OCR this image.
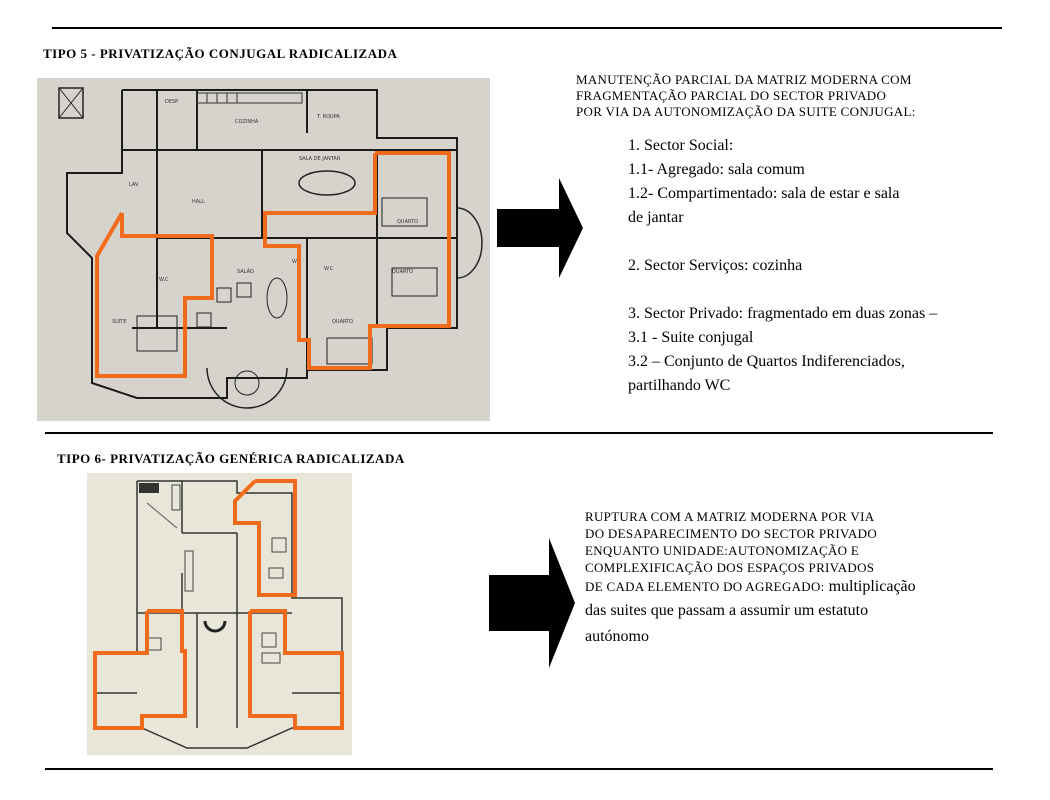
TIPO 5 - PRIVATIZAÇÃO CONJUGAL RADICALIZADA
DESP
COZINHA
T. ROUPA
SALA DE JANTAR
HALL
QUARTO
QUARTO
SALÃO
SUITE	QUARTO
W.C
W.C
W.C
LAV
MANUTENÇÃO PARCIAL DA MATRIZ MODERNA COM
FRAGMENTAÇÃO PARCIAL DO SECTOR PRIVADO
POR VIA DA AUTONOMIZAÇÃO DA SUITE CONJUGAL:
1. Sector Social:
1.1- Agregado: sala comum
1.2- Compartimentado: sala de estar e sala
de jantar
2. Sector Serviços: cozinha
3. Sector Privado: fragmentado em duas zonas –
3.1 - Suite conjugal
3.2 – Conjunto de Quartos Indiferenciados,
partilhando WC
TIPO 6- PRIVATIZAÇÃO GENÉRICA RADICALIZADA
RUPTURA COM A MATRIZ MODERNA POR VIA
DO DESAPARECIMENTO DO SECTOR PRIVADO
ENQUANTO UNIDADE:AUTONOMIZAÇÃO E
COMPLEXIFICAÇÃO DOS ESPAÇOS PRIVADOS
DE CADA ELEMENTO DO AGREGADO: multiplicação
das suites que passam a assumir um estatuto
autónomo
